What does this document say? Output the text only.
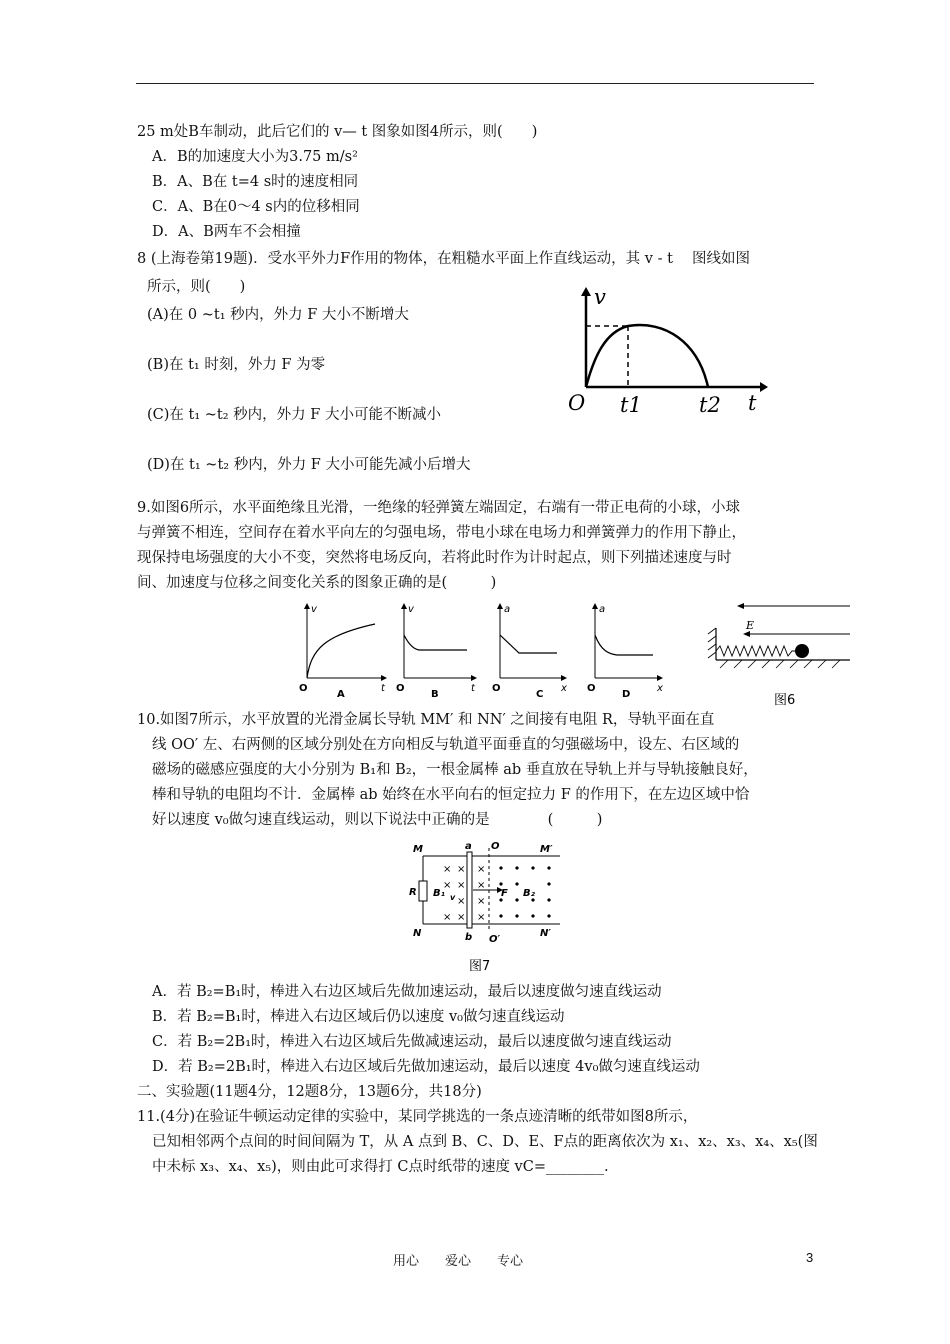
25 m处B车制动，此后它们的 v— t 图象如图4所示，则(　　)
A．B的加速度大小为3.75 m/s²
B．A、B在 t=4 s时的速度相同
C．A、B在0～4 s内的位移相同
D．A、B两车不会相撞
8 (上海卷第19题)．受水平外力F作用的物体，在粗糙水平面上作直线运动，其 v - t 　图线如图
所示，则(　　)
(A)在 0 ~t₁ 秒内，外力 F 大小不断增大
(B)在 t₁ 时刻，外力 F 为零
(C)在 t₁ ~t₂ 秒内，外力 F 大小可能不断减小
(D)在 t₁ ~t₂ 秒内，外力 F 大小可能先减小后增大
v
O t1	t2 t
9.如图6所示，水平面绝缘且光滑，一绝缘的轻弹簧左端固定，右端有一带正电荷的小球，小球
与弹簧不相连，空间存在着水平向左的匀强电场，带电小球在电场力和弹簧弹力的作用下静止，
现保持电场强度的大小不变，突然将电场反向，若将此时作为计时起点，则下列描述速度与时
间、加速度与位移之间变化关系的图象正确的是(　　　)
v
O	t
A
v
O	t
B
a
O	x
C
a
O	x
D
E
图6
10.如图7所示，水平放置的光滑金属长导轨 MM′ 和 NN′ 之间接有电阻 R，导轨平面在直
线 OO′ 左、右两侧的区域分别处在方向相反与轨道平面垂直的匀强磁场中，设左、右区域的
磁场的磁感应强度的大小分别为 B₁和 B₂，一根金属棒 ab 垂直放在导轨上并与导轨接触良好，
棒和导轨的电阻均不计．金属棒 ab 始终在水平向右的恒定拉力 F 的作用下，在左边区域中恰
好以速度 v₀做匀速直线运动，则以下说法中正确的是　　　　(　　　)
R
M	M′
N	N′
a
b
O
O′
× × ×
× × ×
× ×
× × ×
B₁ v	F B₂
图7
A．若 B₂=B₁时，棒进入右边区域后先做加速运动，最后以速度做匀速直线运动
B．若 B₂=B₁时，棒进入右边区域后仍以速度 v₀做匀速直线运动
C．若 B₂=2B₁时，棒进入右边区域后先做减速运动，最后以速度做匀速直线运动
D．若 B₂=2B₁时，棒进入右边区域后先做加速运动，最后以速度 4v₀做匀速直线运动
二、实验题(11题4分，12题8分，13题6分，共18分)
11.(4分)在验证牛顿运动定律的实验中，某同学挑选的一条点迹清晰的纸带如图8所示，
已知相邻两个点间的时间间隔为 T，从 A 点到 B、C、D、E、F点的距离依次为 x₁、x₂、x₃、x₄、x₅(图
中未标 x₃、x₄、x₅)，则由此可求得打 C点时纸带的速度 vC=________.
用心　　爱心　　专心	3
